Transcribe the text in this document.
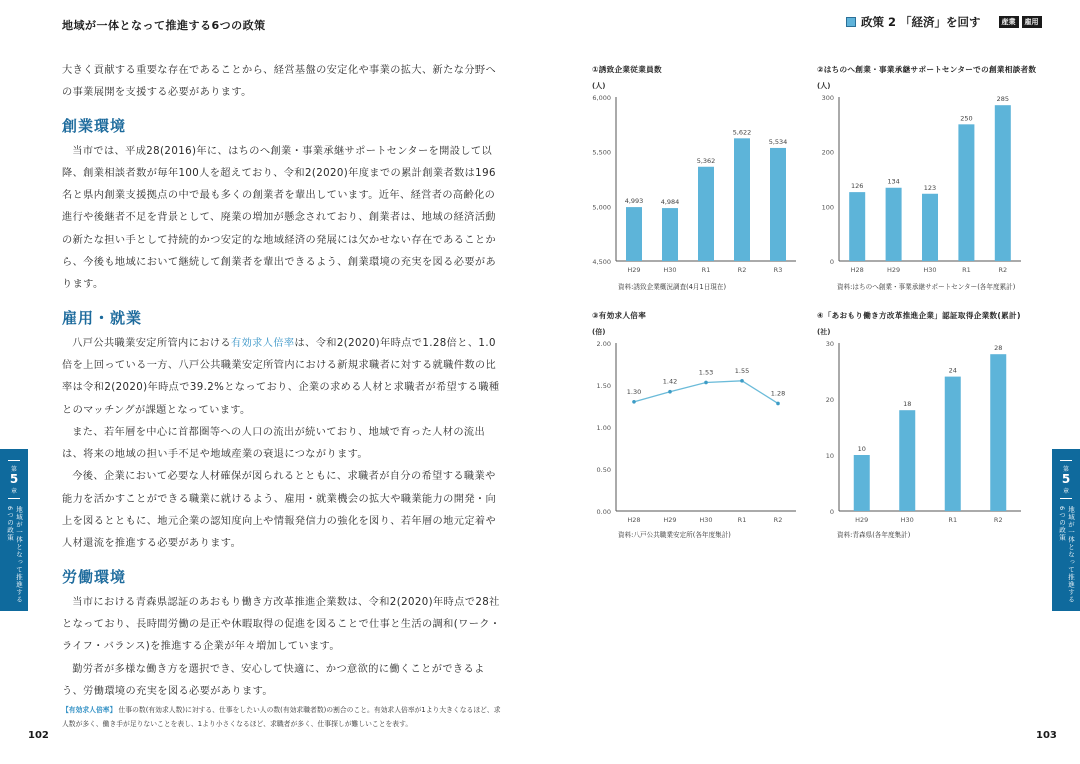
地域が一体となって推進する6つの政策	政策 2 「経済」を回す	産業	雇用

大きく貢献する重要な存在であることから、経営基盤の安定化や事業の拡大、新たな分野への事業展開を支援する必要があります。

創業環境

当市では、平成28(2016)年に、はちのへ創業・事業承継サポートセンターを開設して以降、創業相談者数が毎年100人を超えており、令和2(2020)年度までの累計創業者数は196名と県内創業支援拠点の中で最も多くの創業者を輩出しています。近年、経営者の高齢化の進行や後継者不足を背景として、廃業の増加が懸念されており、創業者は、地域の経済活動の新たな担い手として持続的かつ安定的な地域経済の発展には欠かせない存在であることから、今後も地域において継続して創業者を輩出できるよう、創業環境の充実を図る必要があります。

雇用・就業

八戸公共職業安定所管内における有効求人倍率は、令和2(2020)年時点で1.28倍と、1.0倍を上回っている一方、八戸公共職業安定所管内における新規求職者に対する就職件数の比率は令和2(2020)年時点で39.2%となっており、企業の求める人材と求職者が希望する職種とのマッチングが課題となっています。

また、若年層を中心に首都圏等への人口の流出が続いており、地域で育った人材の流出は、将来の地域の担い手不足や地域産業の衰退につながります。

今後、企業において必要な人材確保が図られるとともに、求職者が自分の希望する職業や能力を活かすことができる職業に就けるよう、雇用・就業機会の拡大や職業能力の開発・向上を図るとともに、地元企業の認知度向上や情報発信力の強化を図り、若年層の地元定着や人材還流を推進する必要があります。

労働環境

当市における青森県認証のあおもり働き方改革推進企業数は、令和2(2020)年時点で28社となっており、長時間労働の是正や休暇取得の促進を図ることで仕事と生活の調和(ワーク・ライフ・バランス)を推進する企業が年々増加しています。

勤労者が多様な働き方を選択でき、安心して快適に、かつ意欲的に働くことができるよう、労働環境の充実を図る必要があります。

【有効求人倍率】 仕事の数(有効求人数)に対する、仕事をしたい人の数(有効求職者数)の割合のこと。有効求人倍率が1より大きくなるほど、求人数が多く、働き手が足りないことを表し、1より小さくなるほど、求職者が多く、仕事探しが難しいことを表す。
102	103
第
5
章
地域が一体となって推進する
6つの政策
第
5
章
地域が一体となって推進する
6つの政策
①誘致企業従業員数
(人)
4,500
5,000
5,500
6,000
H29
4,993
H30
4,984
R1
5,362
R2
5,622
R3
5,534
資料:誘致企業概況調査(4月1日現在)
②はちのへ創業・事業承継サポートセンターでの創業相談者数
(人)
0
100
200
300
H28
126
H29
134
H30
123
R1
250
R2
285
資料:はちのへ創業・事業承継サポートセンター(各年度累計)
③有効求人倍率
(倍)
0.00
0.50
1.00
1.50
2.00
H28	H29	H30	R1	R2
1.30
1.42
1.53	1.55
1.28
資料:八戸公共職業安定所(各年度集計)
④「あおもり働き方改革推進企業」認証取得企業数(累計)
(社)
0
10
20
30
H29
10
H30
18
R1
24
R2
28
資料:青森県(各年度集計)
